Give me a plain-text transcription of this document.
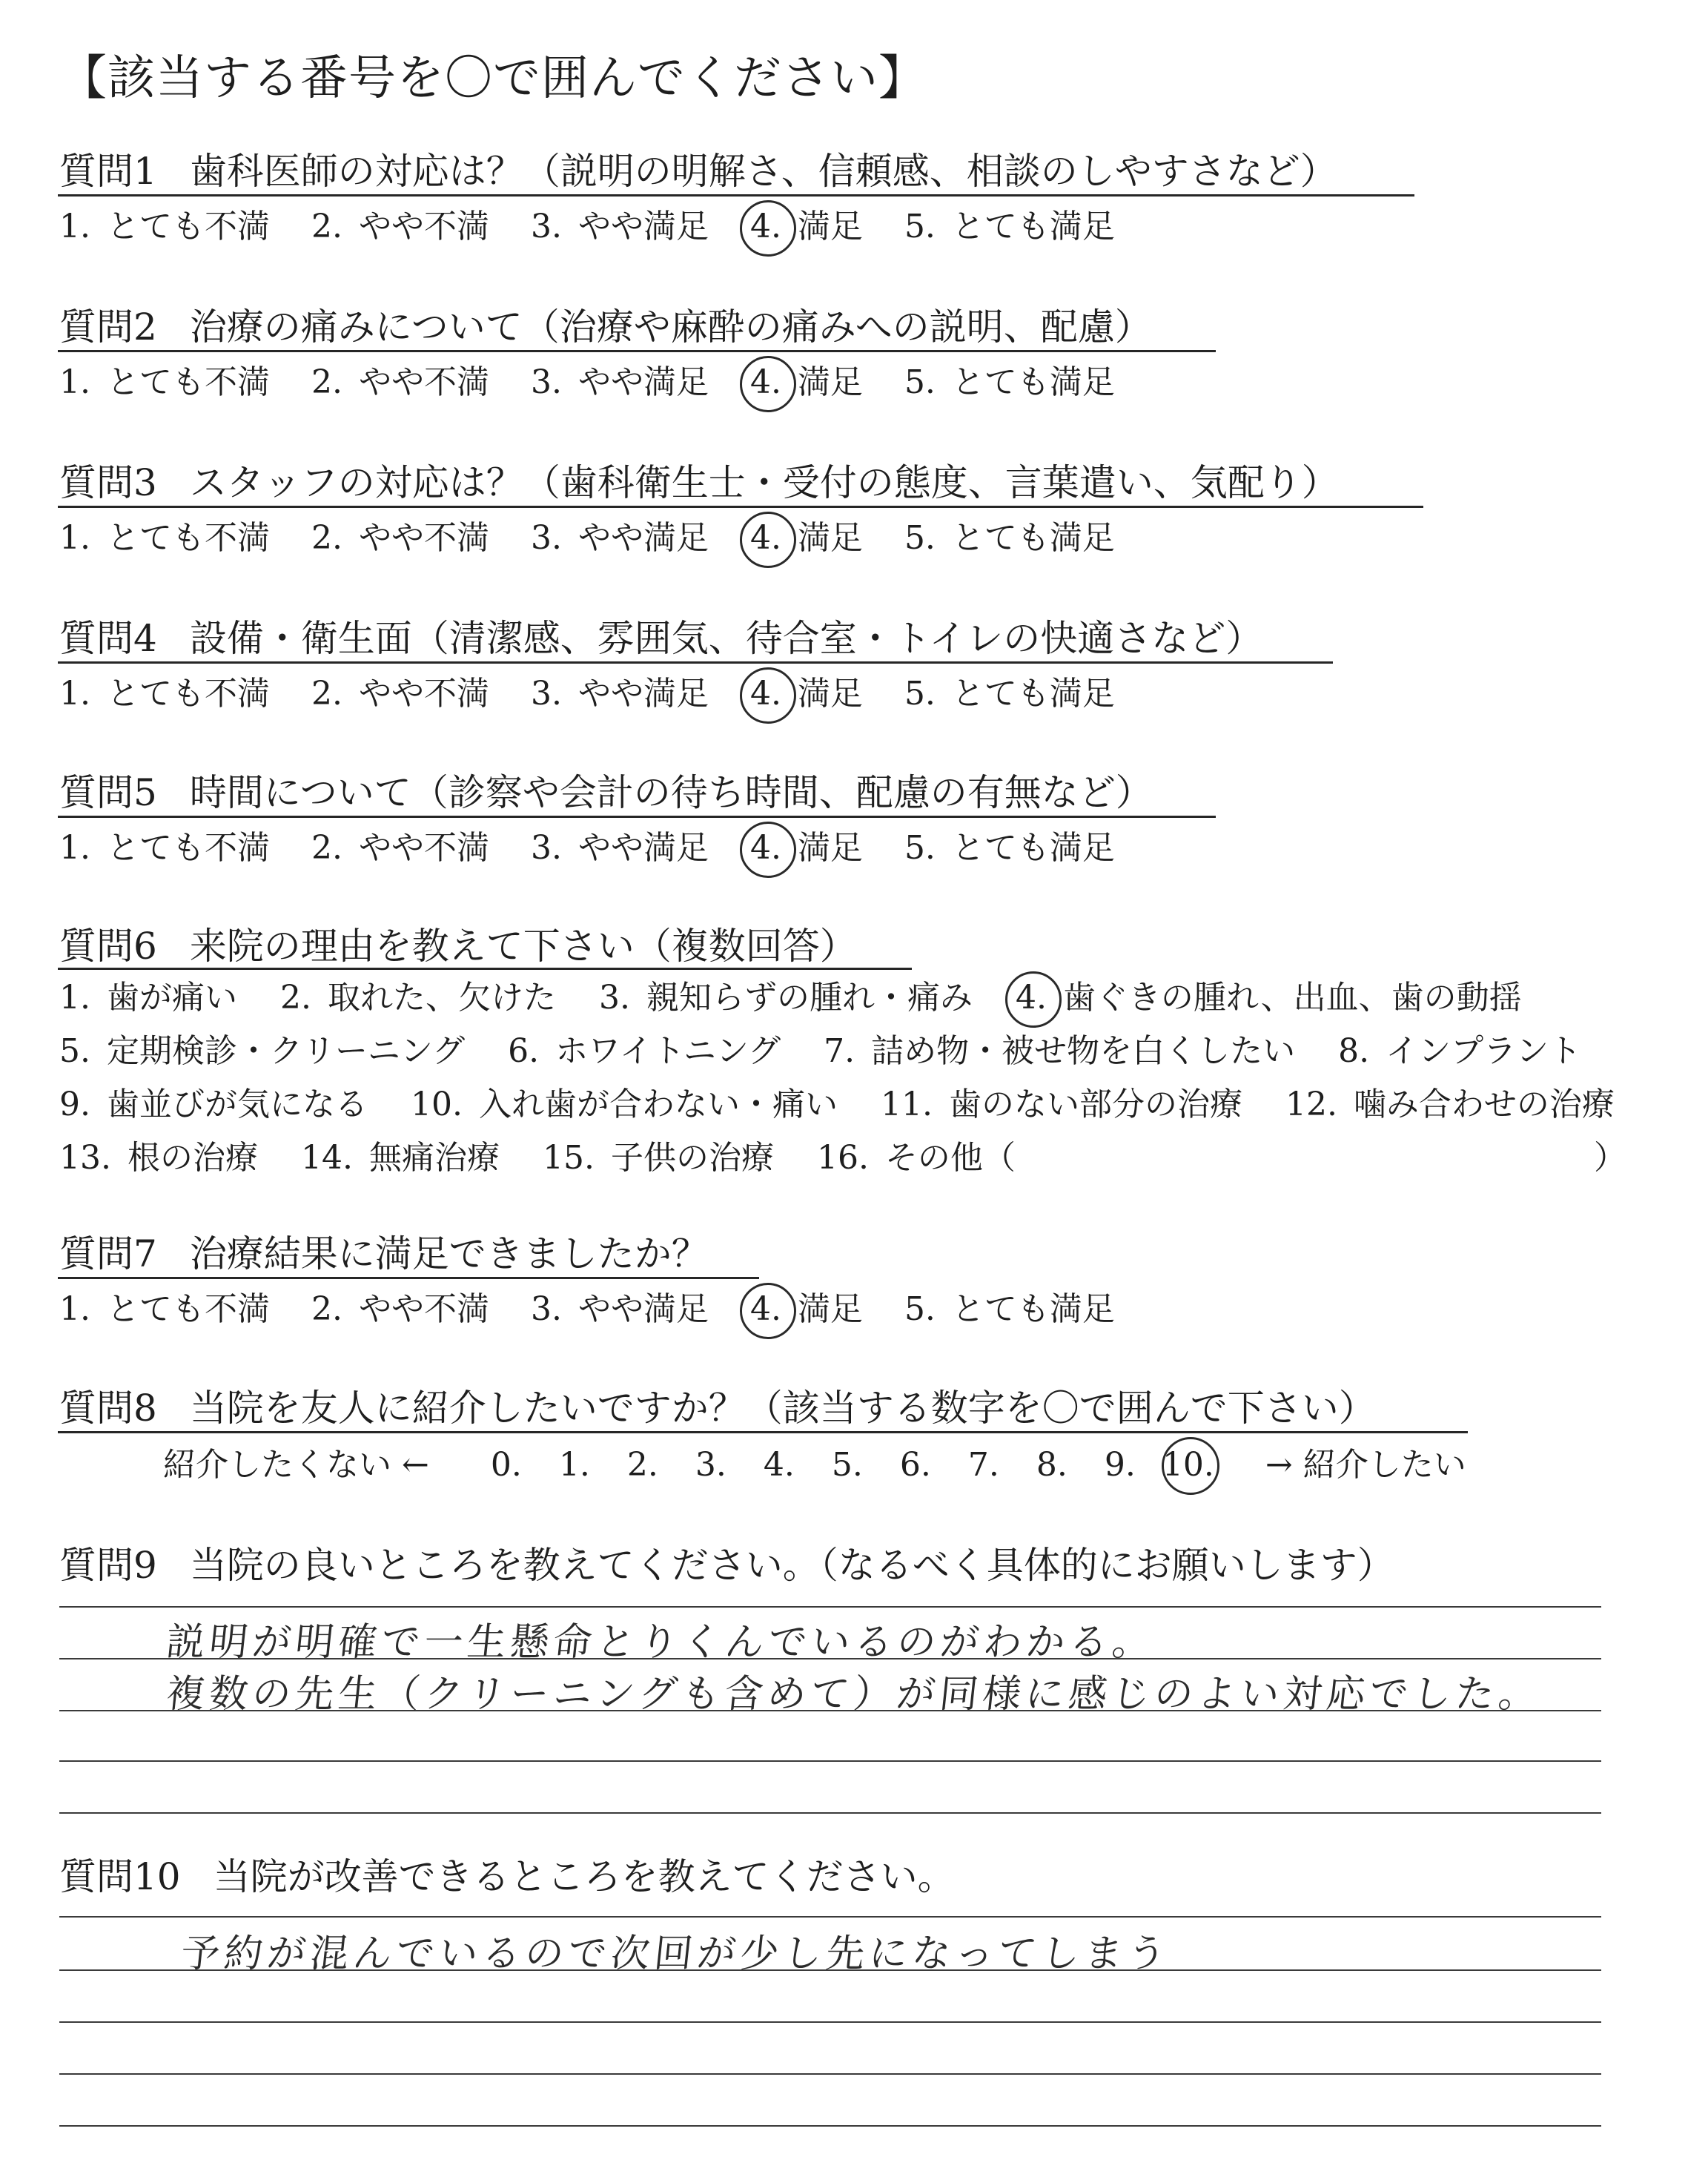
【該当する番号を〇で囲んでください】
質問1 歯科医師の対応は？（説明の明解さ、信頼感、相談のしやすさなど）
1. とても不満 2. やや不満 3. やや満足 4. 満足 5. とても満足
質問2 治療の痛みについて（治療や麻酔の痛みへの説明、配慮）
1. とても不満 2. やや不満 3. やや満足 4. 満足 5. とても満足
質問3 スタッフの対応は？（歯科衛生士・受付の態度、言葉遣い、気配り）
1. とても不満 2. やや不満 3. やや満足 4. 満足 5. とても満足
質問4 設備・衛生面（清潔感、雰囲気、待合室・トイレの快適さなど）
1. とても不満 2. やや不満 3. やや満足 4. 満足 5. とても満足
質問5 時間について（診察や会計の待ち時間、配慮の有無など）
1. とても不満 2. やや不満 3. やや満足 4. 満足 5. とても満足
質問7 治療結果に満足できましたか？
1. とても不満 2. やや不満 3. やや満足 4. 満足 5. とても満足
質問6 来院の理由を教えて下さい（複数回答）
1. 歯が痛い 2. 取れた、欠けた 3. 親知らずの腫れ・痛み 4. 歯ぐきの腫れ、出血、歯の動揺
5. 定期検診・クリーニング 6. ホワイトニング 7. 詰め物・被せ物を白くしたい 8. インプラント
9. 歯並びが気になる 10. 入れ歯が合わない・痛い 11. 歯のない部分の治療 12. 噛み合わせの治療
13. 根の治療 14. 無痛治療 15. 子供の治療 16. その他（	）
質問8 当院を友人に紹介したいですか？（該当する数字を〇で囲んで下さい）
紹介したくない ← 0. 1. 2. 3. 4. 5. 6. 7. 8. 9. 10. → 紹介したい
質問9 当院の良いところを教えてください。（なるべく具体的にお願いします）
説明が明確で一生懸命とりくんでいるのがわかる。
複数の先生（クリーニングも含めて）が同様に感じのよい対応でした。
質問10 当院が改善できるところを教えてください。
予約が混んでいるので次回が少し先になってしまう
